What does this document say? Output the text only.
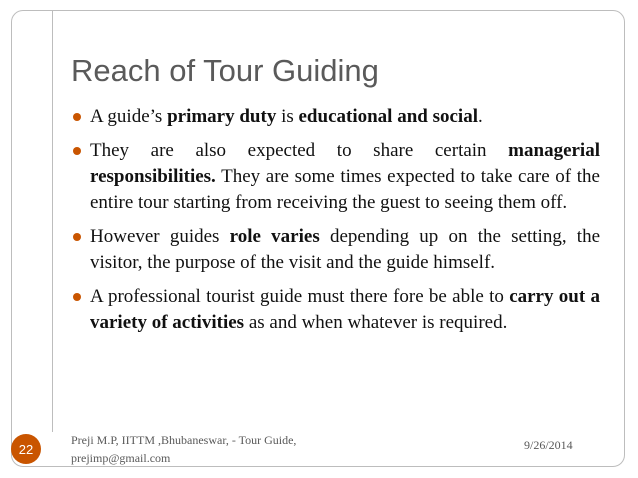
Reach of Tour Guiding
A guide’s primary duty is educational and social.
They are also expected to share certain managerial responsibilities. They are some times expected to take care of the entire tour starting from receiving the guest to seeing them off.
However guides role varies depending up on the setting, the visitor, the purpose of the visit and the guide himself.
A professional tourist guide must there fore be able to carry out a variety of activities as and when whatever is required.
22
Preji M.P, IITTM ,Bhubaneswar, - Tour Guide,
prejimp@gmail.com
9/26/2014
